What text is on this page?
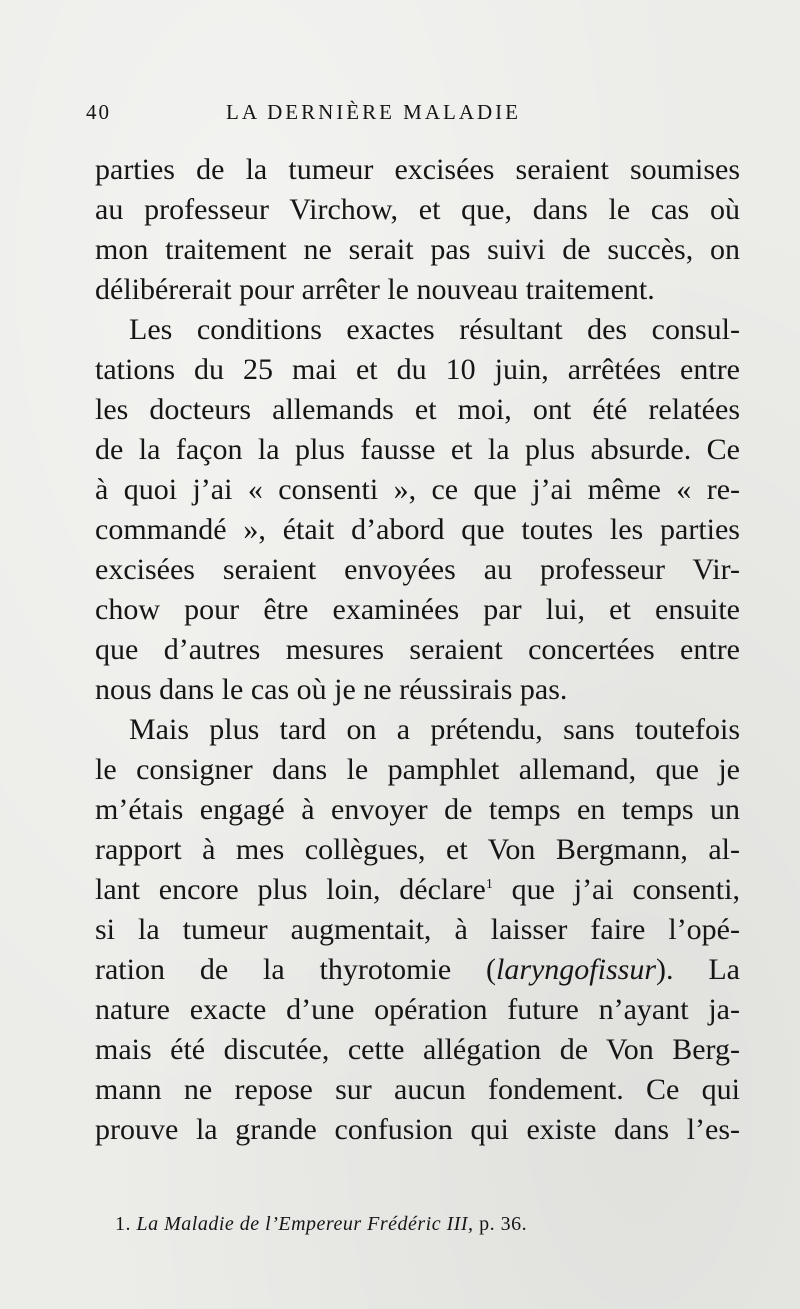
40	LA DERNIÈRE MALADIE
parties de la tumeur excisées seraient soumises
au professeur Virchow, et que, dans le cas où
mon traitement ne serait pas suivi de succès, on
délibérerait pour arrêter le nouveau traitement.
Les conditions exactes résultant des consul-
tations du 25 mai et du 10 juin, arrêtées entre
les docteurs allemands et moi, ont été relatées
de la façon la plus fausse et la plus absurde. Ce
à quoi j’ai « consenti », ce que j’ai même « re-
commandé », était d’abord que toutes les parties
excisées seraient envoyées au professeur Vir-
chow pour être examinées par lui, et ensuite
que d’autres mesures seraient concertées entre
nous dans le cas où je ne réussirais pas.
Mais plus tard on a prétendu, sans toutefois
le consigner dans le pamphlet allemand, que je
m’étais engagé à envoyer de temps en temps un
rapport à mes collègues, et Von Bergmann, al-
lant encore plus loin, déclare$^1$ que j’ai consenti,
si la tumeur augmentait, à laisser faire l’opé-
ration de la thyrotomie (laryngofissur). La
nature exacte d’une opération future n’ayant ja-
mais été discutée, cette allégation de Von Berg-
mann ne repose sur aucun fondement. Ce qui
prouve la grande confusion qui existe dans l’es-
1. La Maladie de l’Empereur Frédéric III, p. 36.
